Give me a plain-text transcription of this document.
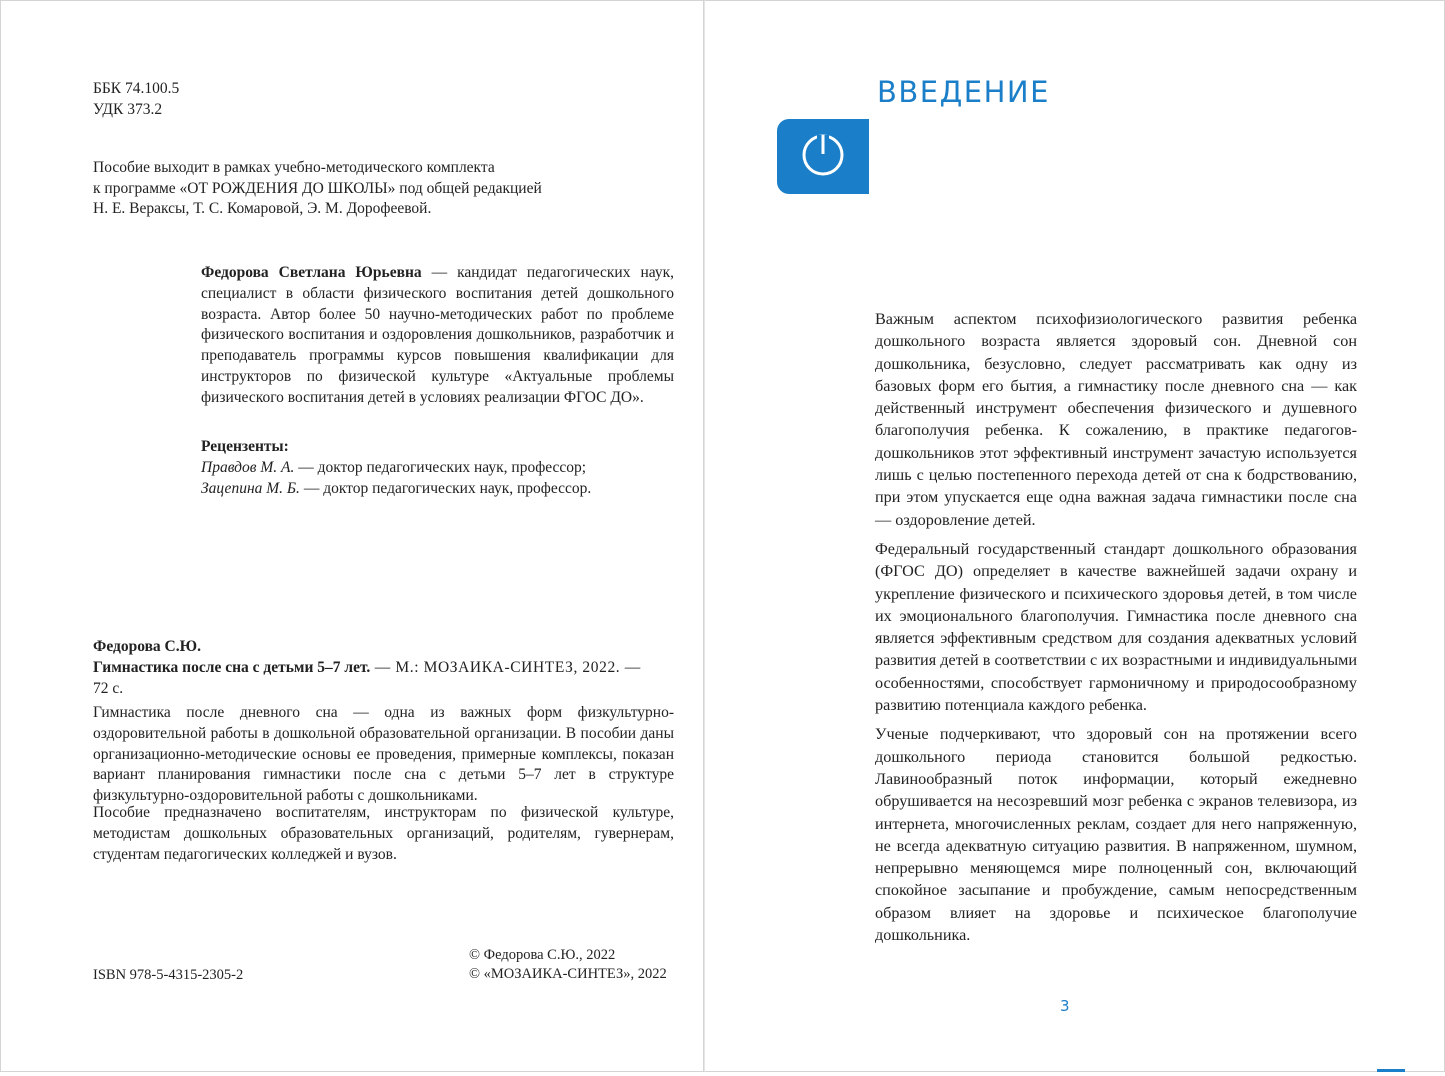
ББК 74.100.5
УДК 373.2
Пособие выходит в рамках учебно-методического комплекта
к программе «ОТ РОЖДЕНИЯ ДО ШКОЛЫ» под общей редакцией
Н. Е. Вераксы, Т. С. Комаровой, Э. М. Дорофеевой.
Федорова Светлана Юрьевна — кандидат педагогических наук, специалист в области физического воспитания детей дошкольного возраста. Автор более 50 научно-методических работ по проблеме физического воспитания и оздоровления дошкольников, разработчик и преподаватель программы курсов повышения квалификации для инструкторов по физической культуре «Актуальные проблемы физического воспитания детей в условиях реализации ФГОС ДО».
Рецензенты:
Правдов М. А. — доктор педагогических наук, профессор;
Зацепина М. Б. — доктор педагогических наук, профессор.
Федорова С.Ю.
Гимнастика после сна с детьми 5–7 лет. — М.: МОЗАИКА-СИНТЕЗ, 2022. —
72 с.

Гимнастика после дневного сна — одна из важных форм физкультурно-оздоровительной работы в дошкольной образовательной организации. В пособии даны организационно-методические основы ее проведения, примерные комплексы, показан вариант планирования гимнастики после сна с детьми 5–7 лет в структуре физкультурно-оздоровительной работы с дошкольниками.

Пособие предназначено воспитателям, инструкторам по физической культуре, методистам дошкольных образовательных организаций, родителям, гувернерам, студентам педагогических колледжей и вузов.

ISBN 978-5-4315-2305-2
© Федорова С.Ю., 2022
© «МОЗАИКА-СИНТЕЗ», 2022
ВВЕДЕНИЕ

Важным аспектом психофизиологического развития ребенка дошкольного возраста является здоровый сон. Дневной сон дошкольника, безусловно, следует рассматривать как одну из базовых форм его бытия, а гимнастику после дневного сна — как действенный инструмент обеспечения физического и душевного благополучия ребенка. К сожалению, в практике педагогов-дошкольников этот эффективный инструмент зачастую используется лишь с целью постепенного перехода детей от сна к бодрствованию, при этом упускается еще одна важная задача гимнастики после сна — оздоровление детей.

Федеральный государственный стандарт дошкольного образования (ФГОС ДО) определяет в качестве важнейшей задачи охрану и укрепление физического и психического здоровья детей, в том числе их эмоционального благополучия. Гимнастика после дневного сна является эффективным средством для создания адекватных условий развития детей в соответствии с их возрастными и индивидуальными особенностями, способствует гармоничному и природосообразному развитию потенциала каждого ребенка.

Ученые подчеркивают, что здоровый сон на протяжении всего дошкольного периода становится большой редкостью. Лавинообразный поток информации, который ежедневно обрушивается на несозревший мозг ребенка с экранов телевизора, из интернета, многочисленных реклам, создает для него напряженную, не всегда адекватную ситуацию развития. В напряженном, шумном, непрерывно меняющемся мире полноценный сон, включающий спокойное засыпание и пробуждение, самым непосредственным образом влияет на здоровье и психическое благополучие дошкольника.

3
